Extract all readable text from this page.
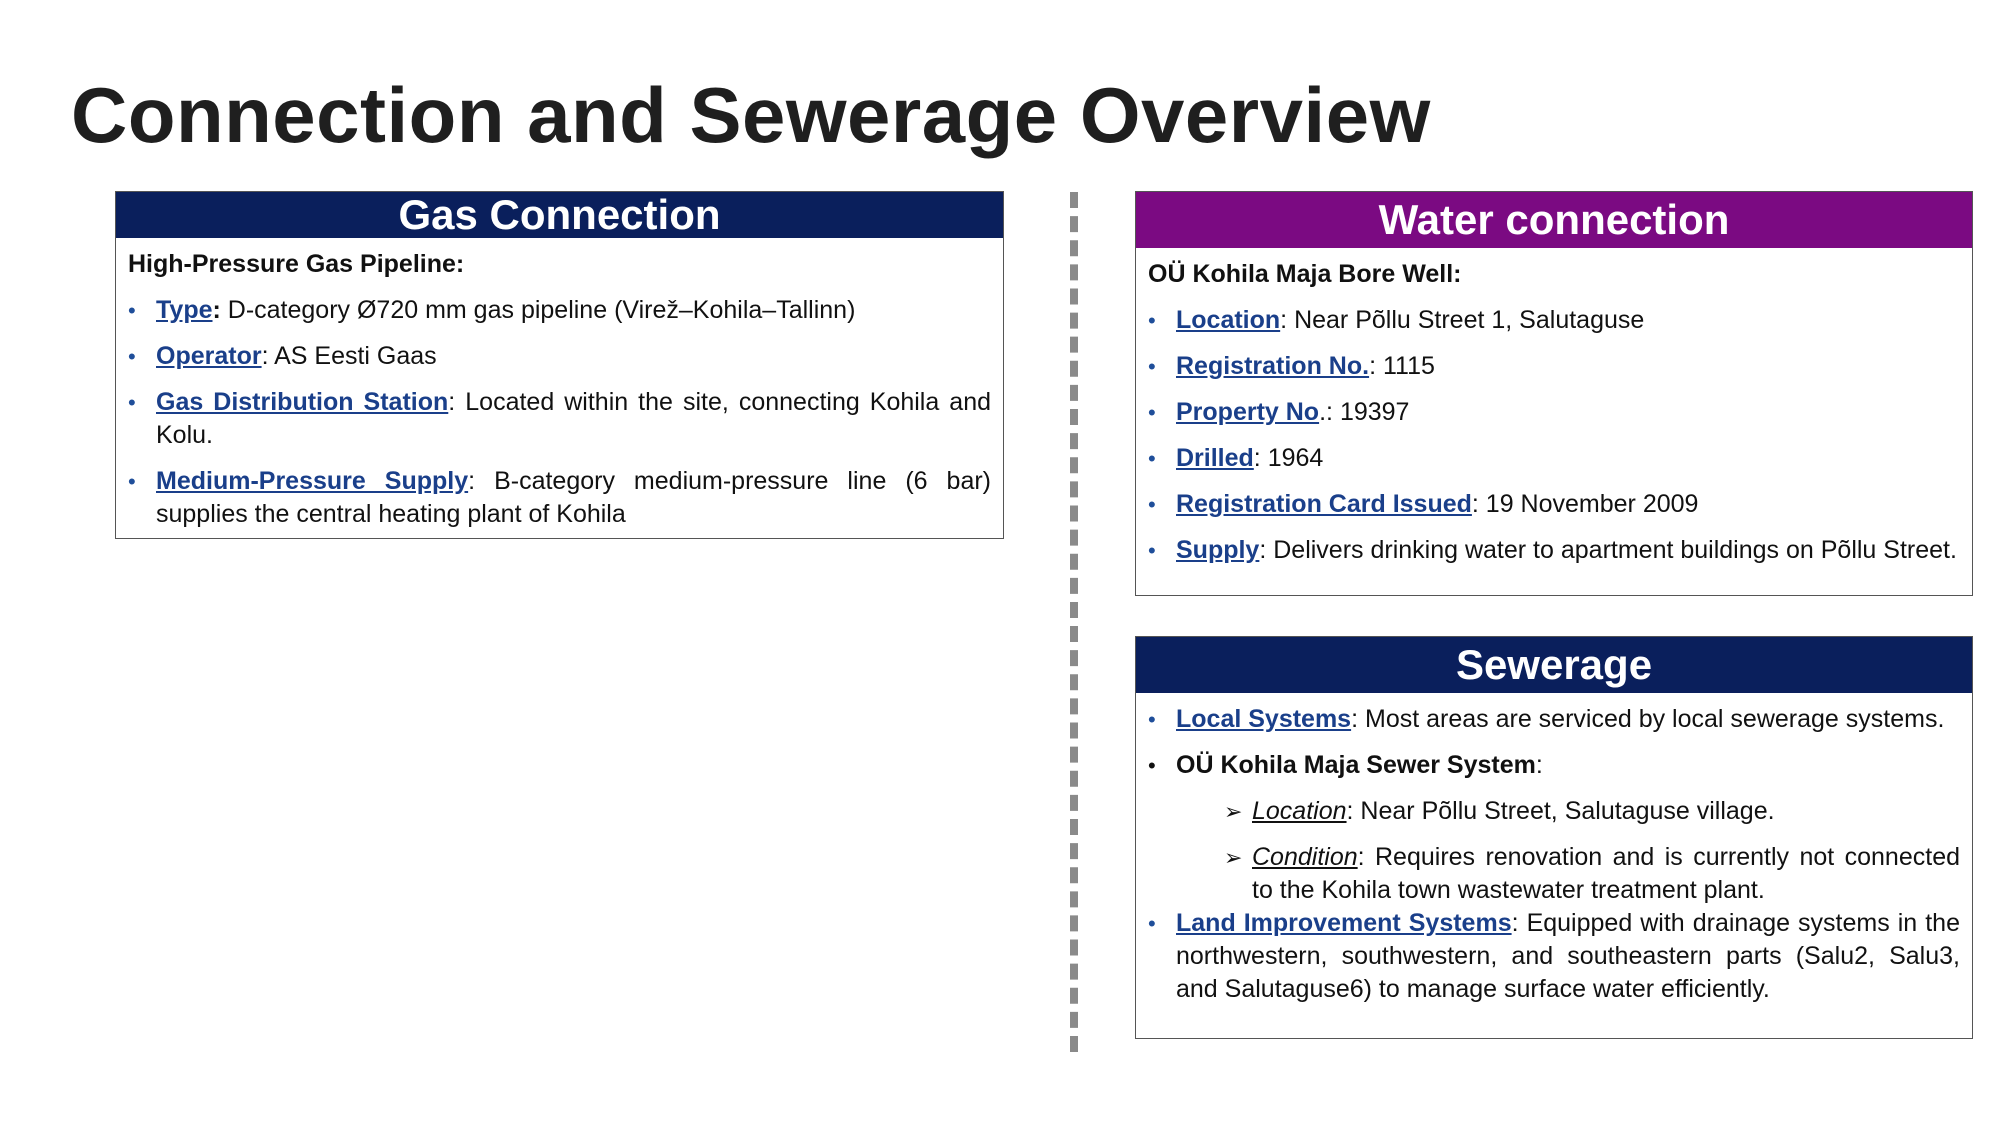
Connection and Sewerage Overview
Gas Connection
High-Pressure Gas Pipeline:
• Type: D-category Ø720 mm gas pipeline (Virež–Kohila–Tallinn)
• Operator: AS Eesti Gaas
• Gas Distribution Station: Located within the site, connecting Kohila and Kolu.
• Medium-Pressure Supply: B-category medium-pressure line (6 bar) supplies the central heating plant of Kohila
Water connection
OÜ Kohila Maja Bore Well:
• Location: Near Põllu Street 1, Salutaguse
• Registration No.: 1115
• Property No.: 19397
• Drilled: 1964
• Registration Card Issued: 19 November 2009
• Supply: Delivers drinking water to apartment buildings on Põllu Street.
Sewerage
• Local Systems: Most areas are serviced by local sewerage systems.
• OÜ Kohila Maja Sewer System:
➢ Location: Near Põllu Street, Salutaguse village.
➢ Condition: Requires renovation and is currently not connected to the Kohila town wastewater treatment plant.
• Land Improvement Systems: Equipped with drainage systems in the northwestern, southwestern, and southeastern parts (Salu2, Salu3, and Salutaguse6) to manage surface water efficiently.
